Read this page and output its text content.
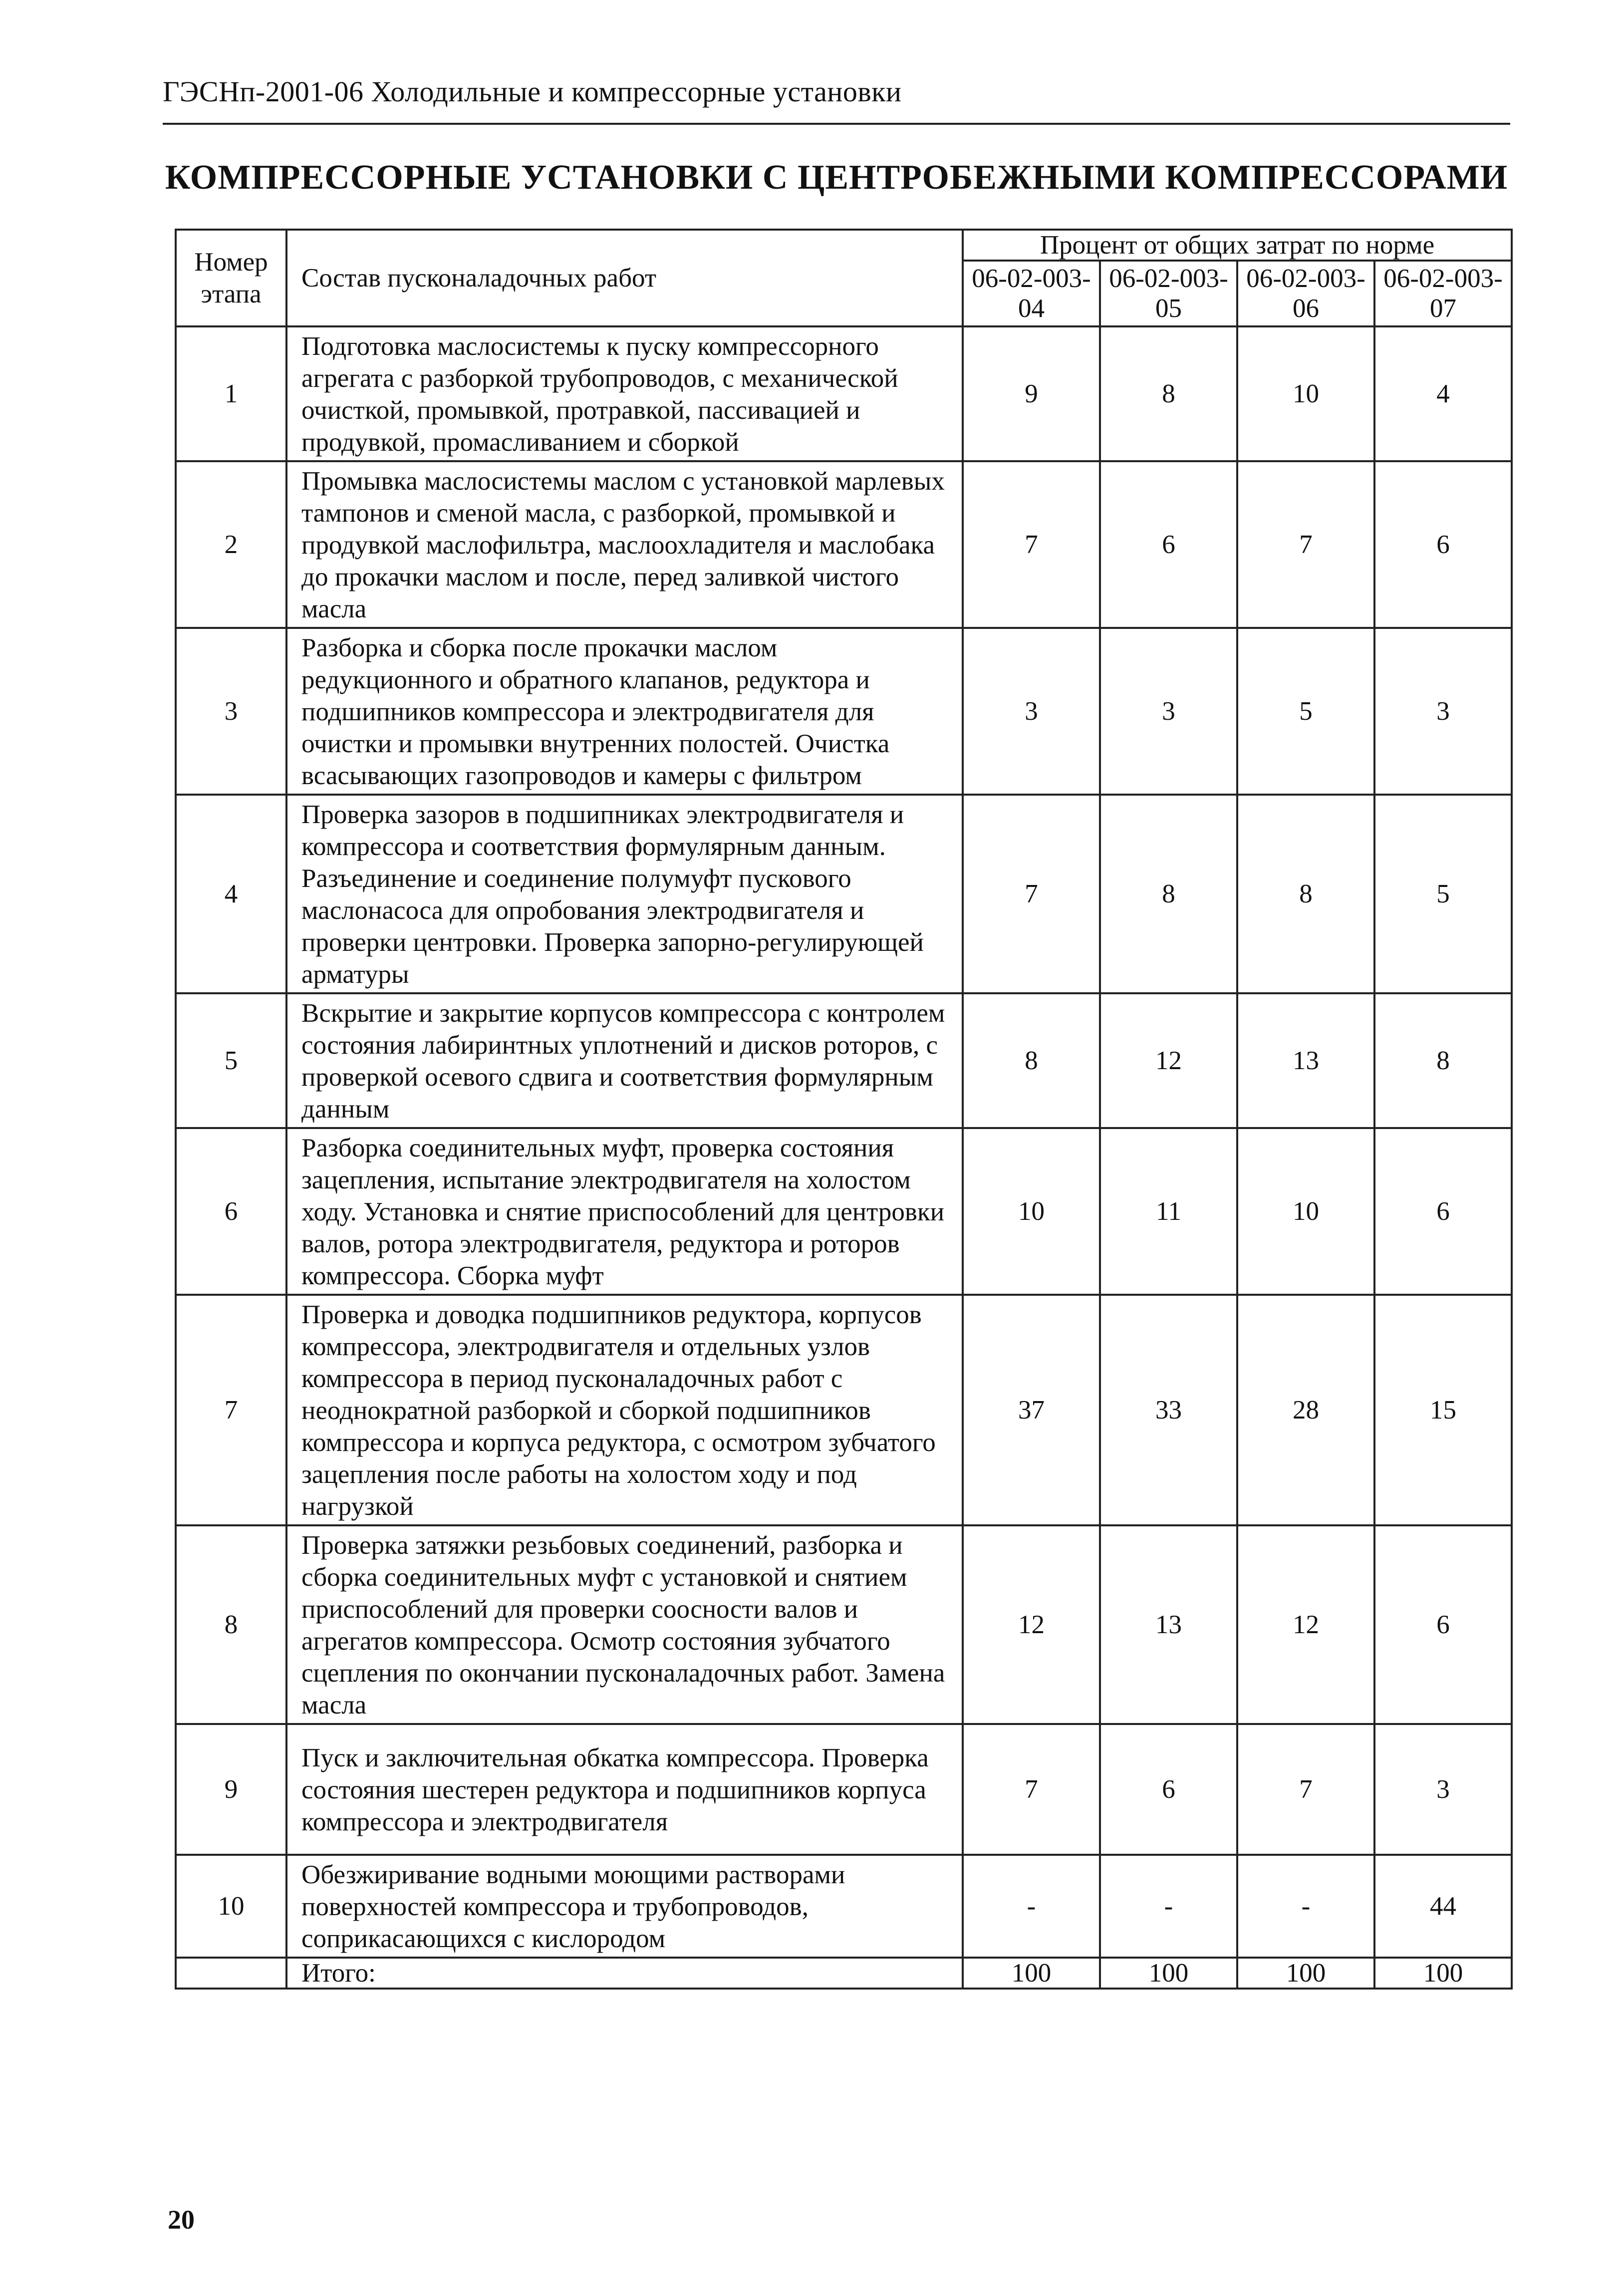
ГЭСНп-2001-06 Холодильные и компрессорные установки
КОМПРЕССОРНЫЕ УСТАНОВКИ С ЦЕНТРОБЕЖНЫМИ КОМПРЕССОРАМИ
Номер этапа	Состав пусконаладочных работ	Процент от общих затрат по норме			
		06-02-003-04	06-02-003-05	06-02-003-06	06-02-003-07
1	Подготовка маслосистемы к пуску компрессорного агрегата с разборкой трубопроводов, с механической очисткой, промывкой, протравкой, пассивацией и продувкой, промасливанием и сборкой	9	8	10	4
2	Промывка маслосистемы маслом с установкой марлевых тампонов и сменой масла, с разборкой, промывкой и продувкой маслофильтра, маслоохладителя и маслобака до прокачки маслом и после, перед заливкой чистого масла	7	6	7	6
3	Разборка и сборка после прокачки маслом редукционного и обратного клапанов, редуктора и подшипников компрессора и электродвигателя для очистки и промывки внутренних полостей. Очистка всасывающих газопроводов и камеры с фильтром	3	3	5	3
4	Проверка зазоров в подшипниках электродвигателя и компрессора и соответствия формулярным данным. Разъединение и соединение полумуфт пускового маслонасоса для опробования электродвигателя и проверки центровки. Проверка запорно-регулирующей арматуры	7	8	8	5
5	Вскрытие и закрытие корпусов компрессора с контролем состояния лабиринтных уплотнений и дисков роторов, с проверкой осевого сдвига и соответствия формулярным данным	8	12	13	8
6	Разборка соединительных муфт, проверка состояния зацепления, испытание электродвигателя на холостом ходу. Установка и снятие приспособлений для центровки валов, ротора электродвигателя, редуктора и роторов компрессора. Сборка муфт	10	11	10	6
7	Проверка и доводка подшипников редуктора, корпусов компрессора, электродвигателя и отдельных узлов компрессора в период пусконаладочных работ с неоднократной разборкой и сборкой подшипников компрессора и корпуса редуктора, с осмотром зубчатого зацепления после работы на холостом ходу и под нагрузкой	37	33	28	15
8	Проверка затяжки резьбовых соединений, разборка и сборка соединительных муфт с установкой и снятием приспособлений для проверки соосности валов и агрегатов компрессора. Осмотр состояния зубчатого сцепления по окончании пусконаладочных работ. Замена масла	12	13	12	6
9	Пуск и заключительная обкатка компрессора. Проверка состояния шестерен редуктора и подшипников корпуса компрессора и электродвигателя	7	6	7	3
10	Обезжиривание водными моющими растворами поверхностей компрессора и трубопроводов, соприкасающихся с кислородом	-	-	-	44
	Итого:	100	100	100	100
20
